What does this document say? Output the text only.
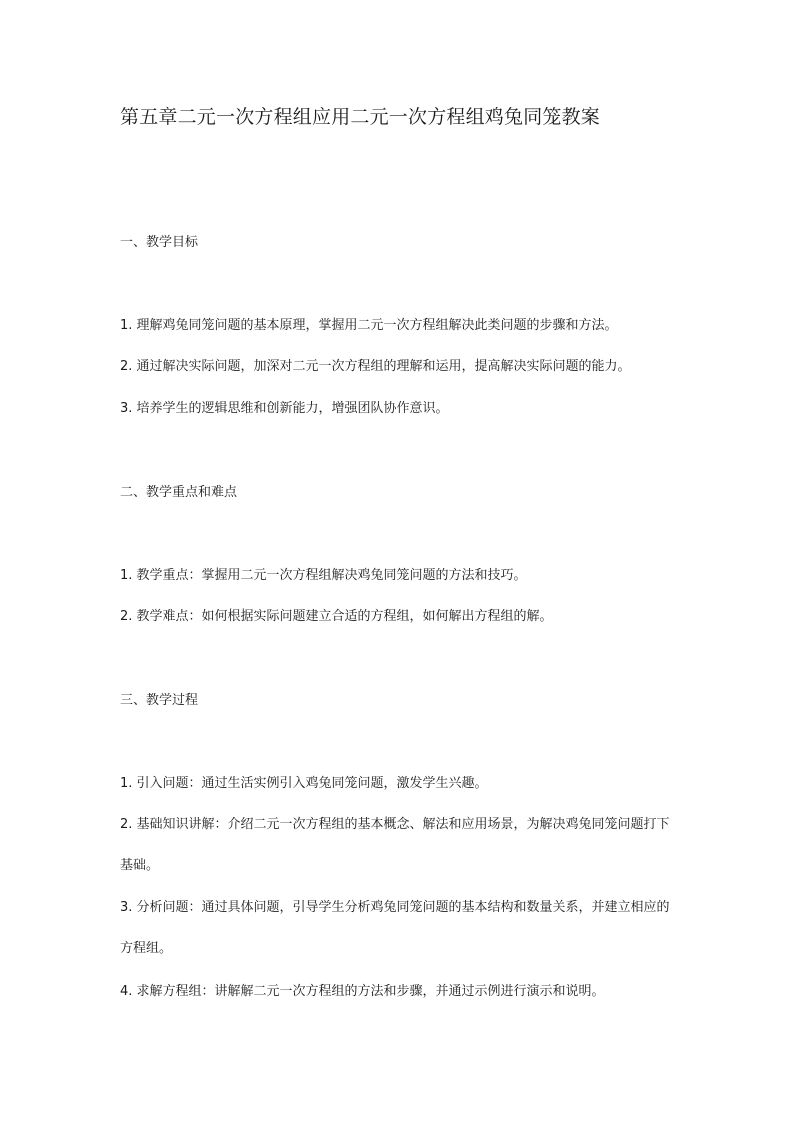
第五章二元一次方程组应用二元一次方程组鸡兔同笼教案
一、教学目标

1. 理解鸡兔同笼问题的基本原理，掌握用二元一次方程组解决此类问题的步骤和方法。

2. 通过解决实际问题，加深对二元一次方程组的理解和运用，提高解决实际问题的能力。

3. 培养学生的逻辑思维和创新能力，增强团队协作意识。

二、教学重点和难点

1. 教学重点：掌握用二元一次方程组解决鸡兔同笼问题的方法和技巧。

2. 教学难点：如何根据实际问题建立合适的方程组，如何解出方程组的解。

三、教学过程

1. 引入问题：通过生活实例引入鸡兔同笼问题，激发学生兴趣。

2. 基础知识讲解：介绍二元一次方程组的基本概念、解法和应用场景，为解决鸡兔同笼问题打下基础。

3. 分析问题：通过具体问题，引导学生分析鸡兔同笼问题的基本结构和数量关系，并建立相应的方程组。

4. 求解方程组：讲解解二元一次方程组的方法和步骤，并通过示例进行演示和说明。
